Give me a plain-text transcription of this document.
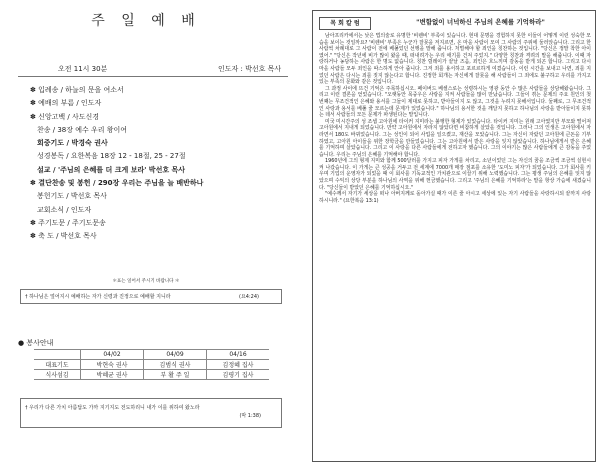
주 일 예 배
오전 11시 30분	인도자 : 박선호 목사
✽ 입례송 / 하늘의 문을 여소서
✽ 예배의 부름 / 인도자
✽ 신앙고백 / 사도신경
찬송 / 38장 예수 우리 왕이여
회중기도 / 박경숙 권사
성경봉독 / 요한복음 18장 12 - 18절, 25 - 27절
설교 / '주님의 은혜를 더 크게 보라' 박선호 목사
✽ 결단찬송 및 봉헌 / 290장 우리는 주님을 늘 배반하나
봉헌기도 / 박선호 목사
교회소식 / 인도자
✽ 주기도문 / 주기도문송
✽ 축 도 / 박선호 목사
＊표는 일어서 주시기 바랍니다 ＊
† 하나님은 엎어지시 예배하는 자가 신령과 진정으로 예배할 지니라	(요4:24)
● 봉사안내
	04/02	04/09	04/16
대표기도	박현숙 권사	김범식 권사	김정혜 집사
식사섬김	박혜균 권사	부 활 주 일	김평기 집사
† 우리가 다른 가치 아름답도 가까 지기지도 전도하리니 내가 이를 위하여 왔노라
(막 1:38)
목 회 칼 럼	"변함없이 너넉하신 주님의 은혜를 기억하라"

남아프리카에서는 낮은 법의술로 유명한 '비렌비' 부족이 있습니다. 현대 문명을 경험하지 못한 이들이 어떻게 이런 성숙한 모습을 보이는 것일까요? '비렌비' 부족은 누군가 잘못을 저지르면, 온 마을 사람이 모여 그 사람의 주위에 둘러앉습니다. 그리고 한 사람씩 차례대로 그 사람이 전에 베풀었던 선행을 말해 줍니다. 처벌해야 할 죄인을 칭찬하는 것입니다. "당신은 정말 착한 아이였어." "당신은 작년에 비가 많이 왔을 때, 떠내려가는 우리 애기를 건져 주었지." 다양한 칭찬과 격려의 말을 해줍니다. 이때 자랑하거나 농담하는 사람은 한 명도 없습니다. 칭찬 릴레이가 끝날 즈음, 죄인은 흐느끼며 감동을 받게 되곤 합니다. 그리고 다시 마을 사람들 모두 죄인을 따스하게 안아 줍니다. 그저 죄를 용서하고 포르르하게 여겼습니다. 이런 시간을 보내고 나면, 죄를 지었던 사람은 다시는 죄를 짓지 않는다고 합니다. 진정한 회개는 자신에게 잘못을 해 사람들이 그 죄에도 불구하고 우리를 가지고 있는 부족의 문화와 같은 것입니다.

그 과정 사이에 뜨건 기억은 주목하십시오. 페이버드 베셀스로는 성령하시는 영광 동안 수 많은 사람들을 상담해왔습니다. 그리고 이런 결론을 얻었습니다. "오랫동안 목중우은 사랑을 지켜 사람들을 많이 만났습니다. 그들이 겪는 문제의 주요 원인의 첫 번째는 무조건적인 은혜와 용서를 그들이 제대로 못하고, 받아들이지 도 않고, 그것을 누려지 못해서입니다. 둘째로, 그 무조건적인 사랑과 용서를 베풀 줄 모르는데 문제가 있었습니다." 하나님의 용서한 것을 깨달지 못하고 하나님의 사랑을 받아들이지 못하는 데서 사람들의 모든 문제가 파생된다는 말입니다.

미국 미시간주의 성 조셉 고아원에 타이커 지미라는 불행한 형제가 있었습니다. 타이커 지미는 원래 고아였지만 부모와 떨어져 고아원에서 지내게 되었습니다. 만약 고아원에서 자라지 않았다면 비참하게 살았을 것입니다. 그러나 그의 인생은 고아원에서 자라면서 180도 바뀌었습니다. 그는 성인이 되어 사업을 일으켰고, 재산을 모았습니다. 그는 자신이 자랐던 고아원에 큰돈을 기부하였고, 고아원 아이들을 위한 장학금을 만들었습니다. 그는 고아원에서 받은 사랑을 잊지 않았습니다. 하나님에게서 받은 은혜를 기억하며 살았습니다. 그리고 이 사랑을 다른 사람들에게 전하고자 했습니다. 그의 이야기는 많은 사람들에게 큰 감동을 주었습니다. 우리는 주님의 은혜를 기억해야 합니다.

1960년에 그의 형제 지미와 함께 500달러를 가지고 피자 가게를 차리고, 소년이었던 그는 자신의 꿈을 조금씩 조금씩 실현시켜 나갔습니다. 이 가게는 큰 성공을 거두고 전 세계에 7000개 매장 점포를 소유한 '도미노 피자'가 되었습니다. 그가 회사를 키우며 기업의 운영자가 되었을 때 이 회사를 기독교적인 가치관으로 이끌기 위해 노력했습니다. 그는 평생 주님의 은혜를 잊지 않았으며 수익의 상당 부분을 하나님의 사역을 위해 헌금했습니다. 그리고 '주님의 은혜를 기억하라'는 말을 항상 가슴에 새겼습니다. "당신들이 받았던 은혜를 기억하십시오."

"예수께서 자기가 세상을 떠나 아버지께로 돌아가실 때가 이른 줄 아시고 세상에 있는 자기 사람들을 사랑하시되 끝까지 사랑하시니라." (요한복음 13:1)
